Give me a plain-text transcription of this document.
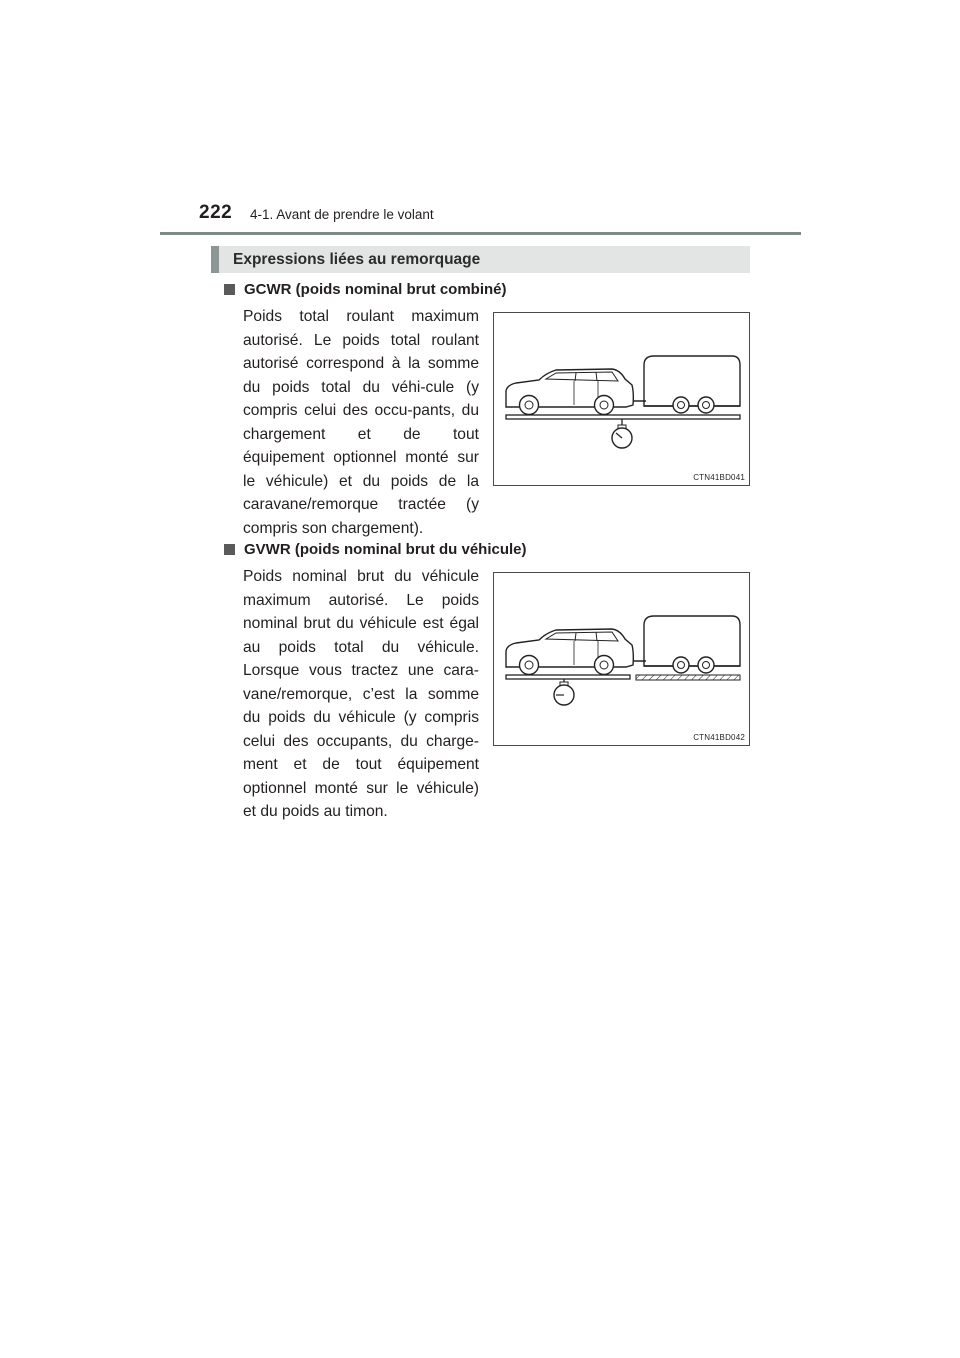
222 4-1. Avant de prendre le volant
Expressions liées au remorquage
GCWR (poids nominal brut combiné)
Poids total roulant maximum autorisé. Le poids total roulant autorisé correspond à la somme du poids total du véhi-cule (y compris celui des occu-pants, du chargement et de tout équipement optionnel monté sur le véhicule) et du poids de la caravane/remorque tractée (y compris son chargement).
CTN41BD041
GVWR (poids nominal brut du véhicule)
Poids nominal brut du véhicule maximum autorisé. Le poids nominal brut du véhicule est égal au poids total du véhicule. Lorsque vous tractez une cara-vane/remorque, c’est la somme du poids du véhicule (y compris celui des occupants, du charge-ment et de tout équipement optionnel monté sur le véhicule) et du poids au timon.
CTN41BD042
